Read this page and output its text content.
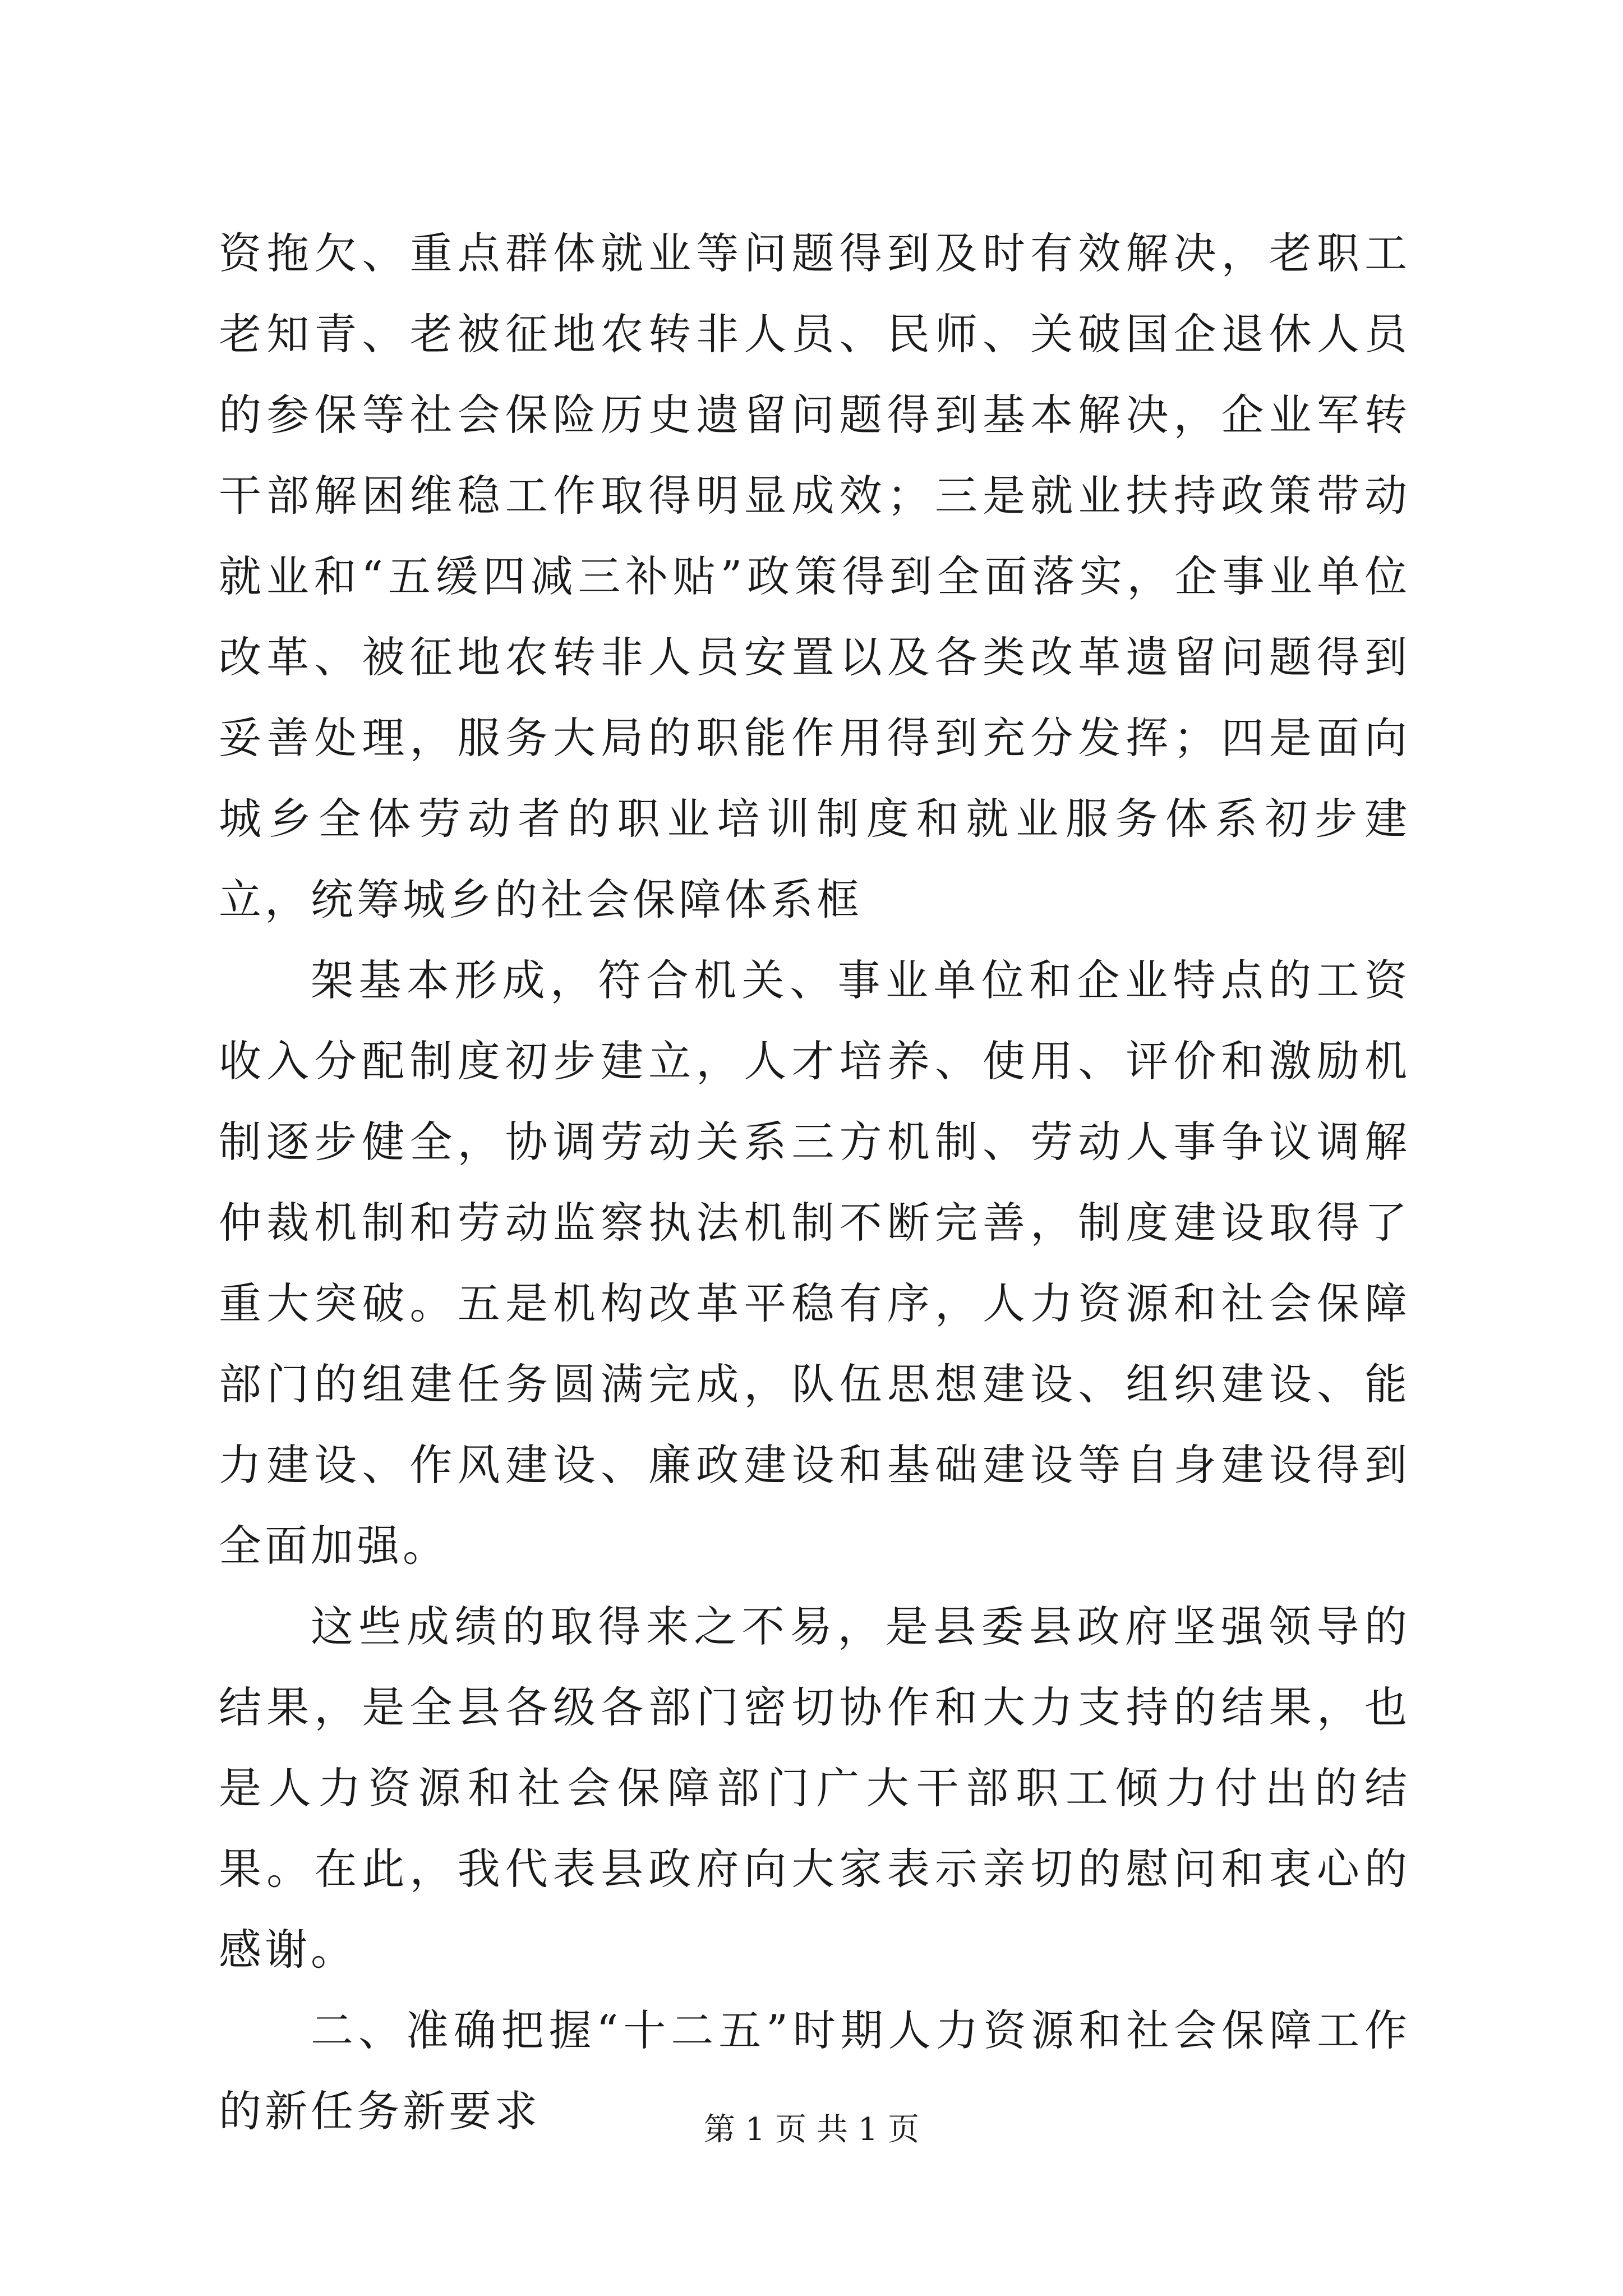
资拖欠、重点群体就业等问题得到及时有效解决，老职工老知青、老被征地农转非人员、民师、关破国企退休人员的参保等社会保险历史遗留问题得到基本解决，企业军转干部解困维稳工作取得明显成效；三是就业扶持政策带动就业和“五缓四减三补贴”政策得到全面落实，企事业单位改革、被征地农转非人员安置以及各类改革遗留问题得到妥善处理，服务大局的职能作用得到充分发挥；四是面向城乡全体劳动者的职业培训制度和就业服务体系初步建立，统筹城乡的社会保障体系框

架基本形成，符合机关、事业单位和企业特点的工资收入分配制度初步建立，人才培养、使用、评价和激励机制逐步健全，协调劳动关系三方机制、劳动人事争议调解仲裁机制和劳动监察执法机制不断完善，制度建设取得了重大突破。五是机构改革平稳有序，人力资源和社会保障部门的组建任务圆满完成，队伍思想建设、组织建设、能力建设、作风建设、廉政建设和基础建设等自身建设得到全面加强。

这些成绩的取得来之不易，是县委县政府坚强领导的结果，是全县各级各部门密切协作和大力支持的结果，也是人力资源和社会保障部门广大干部职工倾力付出的结果。在此，我代表县政府向大家表示亲切的慰问和衷心的感谢。

二、准确把握“十二五”时期人力资源和社会保障工作的新任务新要求	第 1 页 共 1 页
